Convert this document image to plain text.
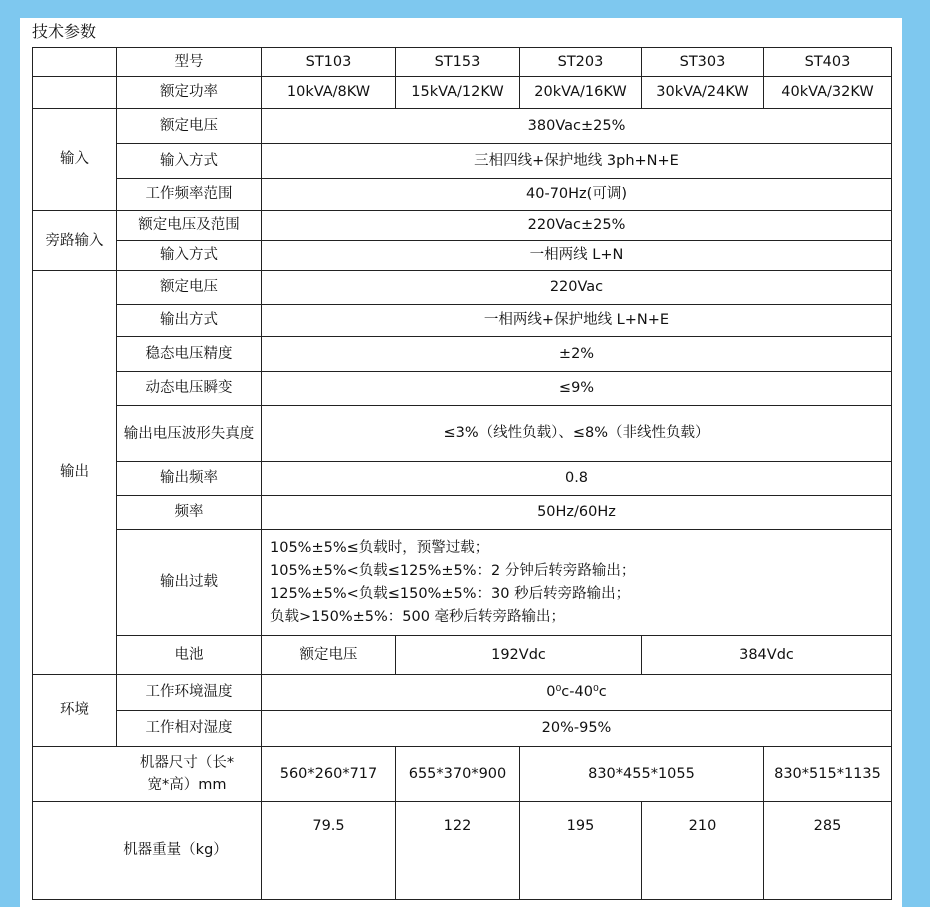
技术参数
	型号	ST103	ST153	ST203	ST303	ST403
	额定功率	10kVA/8KW	15kVA/12KW	20kVA/16KW	30kVA/24KW	40kVA/32KW
输入	额定电压	380Vac±25%				
	输入方式	三相四线+保护地线 3ph+N+E				
	工作频率范围	40-70Hz(可调)				
旁路输入	额定电压及范围	220Vac±25%				
	输入方式	一相两线 L+N				
输出	额定电压	220Vac				
	输出方式	一相两线+保护地线 L+N+E				
	稳态电压精度	±2%				
	动态电压瞬变	≤9%				
	输出电压波形失真度	≤3%（线性负载）、≤8%（非线性负载）				
	输出频率	0.8				
	频率	50Hz/60Hz				
	输出过载	105%±5%≤负载时，预警过载；
105%±5%<负载≤125%±5%：2 分钟后转旁路输出；
125%±5%<负载≤150%±5%：30 秒后转旁路输出；
负载>150%±5%：500 毫秒后转旁路输出；				

	电池	额定电压	192Vdc		384Vdc	
环境	工作环境温度	0⁰c-40⁰c				
	工作相对湿度	20%-95%				
机器尺寸（长*宽*高）mm		560*260*717	655*370*900	830*455*1055		830*515*1135
机器重量（kg）		79.5	122	195	210	285
